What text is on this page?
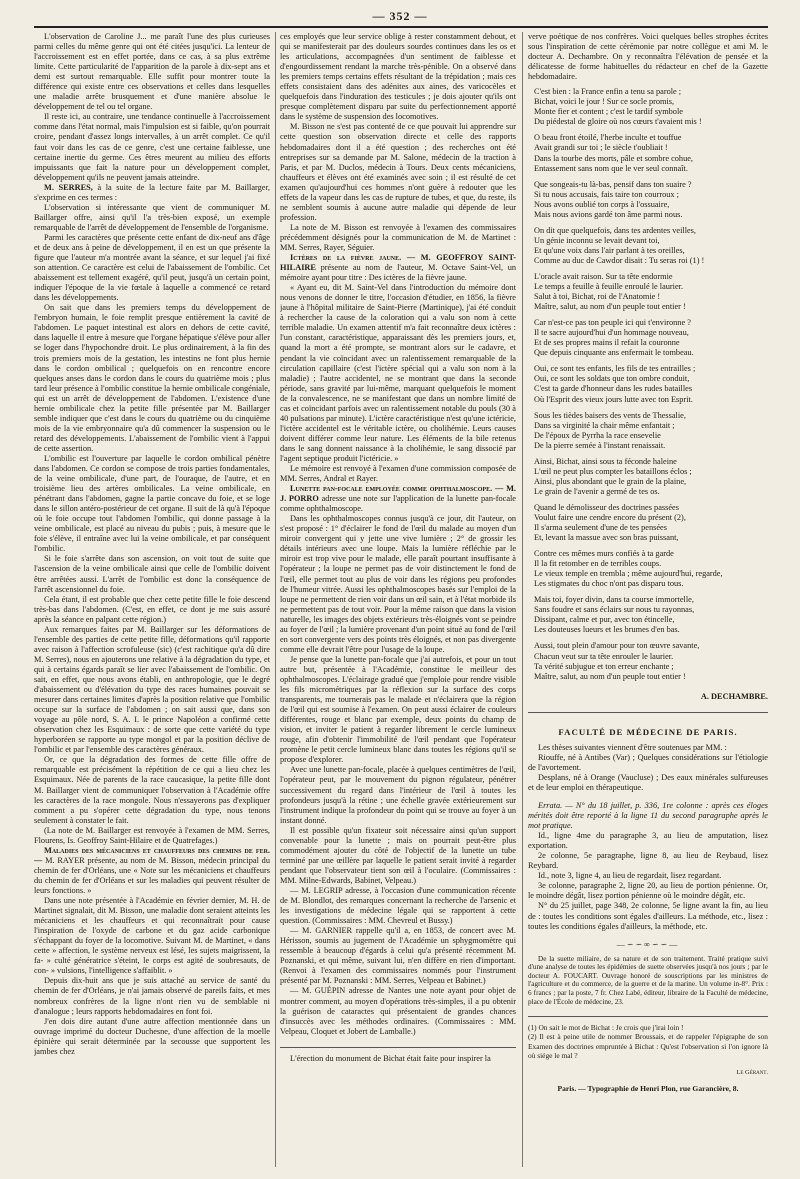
— 352 —

L'observation de Caroline J... me paraît l'une des plus curieuses parmi celles du même genre qui ont été citées jusqu'ici. La lenteur de l'accroissement est en effet portée, dans ce cas, à sa plus extrême limite. Cette particularité de l'apparition de la parole à dix-sept ans et demi est surtout remarquable. Elle suffit pour montrer toute la différence qui existe entre ces observations et celles dans lesquelles une maladie arrête brusquement et d'une manière absolue le développement de tel ou tel organe.

Il reste ici, au contraire, une tendance continuelle à l'accroissement comme dans l'état normal, mais l'impulsion est si faible, qu'on pourrait croire, pendant d'assez longs intervalles, à un arrêt complet. Ce qu'il faut voir dans les cas de ce genre, c'est une certaine faiblesse, une certaine inertie du germe. Ces êtres meurent au milieu des efforts impuissants que fait la nature pour un développement complet, développement qu'ils ne peuvent jamais atteindre.

M. SERRES, à la suite de la lecture faite par M. Baillarger, s'exprime en ces termes :

L'observation si intéressante que vient de communiquer M. Baillarger offre, ainsi qu'il l'a très-bien exposé, un exemple remarquable de l'arrêt de développement de l'ensemble de l'organisme.

Parmi les caractères que présente cette enfant de dix-neuf ans d'âge et de deux ans à peine de développement, il en est un que présente la figure que l'auteur m'a montrée avant la séance, et sur lequel j'ai fixé son attention. Ce caractère est celui de l'abaissement de l'ombilic. Cet abaissement est tellement exagéré, qu'il peut, jusqu'à un certain point, indiquer l'époque de la vie fœtale à laquelle a commencé ce retard dans les développements.

On sait que dans les premiers temps du développement de l'embryon humain, le foie remplit presque entièrement la cavité de l'abdomen. Le paquet intestinal est alors en dehors de cette cavité, dans laquelle il entre à mesure que l'organe hépatique s'élève pour aller se loger dans l'hypochondre droit. Le plus ordinairement, à la fin des trois premiers mois de la gestation, les intestins ne font plus hernie dans le cordon ombilical ; quelquefois on en rencontre encore quelques anses dans le cordon dans le cours du quatrième mois ; plus tard leur présence à l'ombilic constitue la hernie ombilicale congéniale, qui est un arrêt de développement de l'abdomen. L'existence d'une hernie ombilicale chez la petite fille présentée par M. Baillarger semble indiquer que c'est dans le cours du quatrième ou du cinquième mois de la vie embryonnaire qu'a dû commencer la suspension ou le retard des développements. L'abaissement de l'ombilic vient à l'appui de cette assertion.

L'ombilic est l'ouverture par laquelle le cordon ombilical pénètre dans l'abdomen. Ce cordon se compose de trois parties fondamentales, de la veine ombilicale, d'une part, de l'ouraque, de l'autre, et en troisième lieu des artères ombilicales. La veine ombilicale, en pénétrant dans l'abdomen, gagne la partie concave du foie, et se loge dans le sillon antéro-postérieur de cet organe. Il suit de là qu'à l'époque où le foie occupe tout l'abdomen l'ombilic, qui donne passage à la veine ombilicale, est placé au niveau du pubis ; puis, à mesure que le foie s'élève, il entraîne avec lui la veine ombilicale, et par conséquent l'ombilic.

Si le foie s'arrête dans son ascension, on voit tout de suite que l'ascension de la veine ombilicale ainsi que celle de l'ombilic doivent être arrêtées aussi. L'arrêt de l'ombilic est donc la conséquence de l'arrêt ascensionnel du foie.

Cela étant, il est probable que chez cette petite fille le foie descend très-bas dans l'abdomen. (C'est, en effet, ce dont je me suis assuré après la séance en palpant cette région.)

Aux remarques faites par M. Baillarger sur les déformations de l'ensemble des parties de cette petite fille, déformations qu'il rapporte avec raison à l'affection scrofuleuse (sic) (c'est rachitique qu'a dû dire M. Serres), nous en ajouterons une relative à la dégradation du type, et qui à certains égards paraît se lier avec l'abaissement de l'ombilic. On sait, en effet, que nous avons établi, en anthropologie, que le degré d'abaissement ou d'élévation du type des races humaines pouvait se mesurer dans certaines limites d'après la position relative que l'ombilic occupe sur la surface de l'abdomen ; on sait aussi que, dans son voyage au pôle nord, S. A. I. le prince Napoléon a confirmé cette observation chez les Esquimaux : de sorte que cette variété du type hyperboréen se rapporte au type mongol et par la position déclive de l'ombilic et par l'ensemble des caractères généraux.

Or, ce que la dégradation des formes de cette fille offre de remarquable est précisément la répétition de ce qui a lieu chez les Esquimaux. Née de parents de la race caucasique, la petite fille dont M. Baillarger vient de communiquer l'observation à l'Académie offre les caractères de la race mongole. Nous n'essayerons pas d'expliquer comment a pu s'opérer cette dégradation du type, nous tenons seulement à constater le fait.

(La note de M. Baillarger est renvoyée à l'examen de MM. Serres, Flourens, Is. Geoffroy Saint-Hilaire et de Quatrefages.)

Maladies des mécaniciens et chauffeurs des chemins de fer. — M. RAYER présente, au nom de M. Bisson, médecin principal du chemin de fer d'Orléans, une « Note sur les mécaniciens et chauffeurs du chemin de fer d'Orléans et sur les maladies qui peuvent résulter de leurs fonctions. »

Dans une note présentée à l'Académie en février dernier, M. H. de Martinet signalait, dit M. Bisson, une maladie dont seraient atteints les mécaniciens et les chauffeurs et qui reconnaîtrait pour cause l'inspiration de l'oxyde de carbone et du gaz acide carbonique s'échappant du foyer de la locomotive. Suivant M. de Martinet, « dans cette » affection, le système nerveux est lésé, les sujets maigrissent, la fa- » culté génératrice s'éteint, le corps est agité de soubresauts, de con- » vulsions, l'intelligence s'affaiblit. »

Depuis dix-huit ans que je suis attaché au service de santé du chemin de fer d'Orléans, je n'ai jamais observé de pareils faits, et mes nombreux confrères de la ligne n'ont rien vu de semblable ni d'analogue ; leurs rapports hebdomadaires en font foi.

J'en dois dire autant d'une autre affection mentionnée dans un ouvrage imprimé du docteur Duchesne, d'une affection de la moelle épinière qui serait déterminée par la secousse que supportent les jambes chez

ces employés que leur service oblige à rester constamment debout, et qui se manifesterait par des douleurs sourdes continues dans les os et les articulations, accompagnées d'un sentiment de faiblesse et d'engourdissement rendant la marche très-pénible. On a observé dans les premiers temps certains effets résultant de la trépidation ; mais ces effets consistaient dans des adénites aux aines, des varicocèles et quelquefois dans l'induration des testicules ; je dois ajouter qu'ils ont presque complètement disparu par suite du perfectionnement apporté dans le système de suspension des locomotives.

M. Bisson ne s'est pas contenté de ce que pouvait lui apprendre sur cette question son observation directe et celle des rapports hebdomadaires dont il a été question ; des recherches ont été entreprises sur sa demande par M. Salone, médecin de la traction à Paris, et par M. Duclos, médecin à Tours. Deux cents mécaniciens, chauffeurs et élèves ont été examinés avec soin ; il est résulté de cet examen qu'aujourd'hui ces hommes n'ont guère à redouter que les effets de la vapeur dans les cas de rupture de tubes, et que, du reste, ils ne semblent soumis à aucune autre maladie qui dépende de leur profession.

La note de M. Bisson est renvoyée à l'examen des commissaires précédemment désignés pour la communication de M. de Martinet : MM. Serres, Rayer, Séguier.

Ictères de la fièvre jaune. — M. GEOFFROY SAINT-HILAIRE présente au nom de l'auteur, M. Octave Saint-Vel, un mémoire ayant pour titre : Des ictères de la fièvre jaune.

« Ayant eu, dit M. Saint-Vel dans l'introduction du mémoire dont nous venons de donner le titre, l'occasion d'étudier, en 1856, la fièvre jaune à l'hôpital militaire de Saint-Pierre (Martinique), j'ai été conduit à rechercher la cause de la coloration qui a valu son nom à cette terrible maladie. Un examen attentif m'a fait reconnaître deux ictères : l'un constant, caractéristique, apparaissant dès les premiers jours, et, quand la mort a été prompte, se montrant alors sur le cadavre, et pendant la vie coïncidant avec un ralentissement remarquable de la circulation capillaire (c'est l'ictère spécial qui a valu son nom à la maladie) ; l'autre accidentel, ne se montrant que dans la seconde période, sans gravité par lui-même, marquant quelquefois le moment de la convalescence, ne se manifestant que dans un nombre limité de cas et coïncidant parfois avec un ralentissement notable du pouls (30 à 40 pulsations par minute). L'ictère caractéristique n'est qu'une ictéricie, l'ictère accidentel est le véritable ictère, ou cholihémie. Leurs causes doivent différer comme leur nature. Les éléments de la bile retenus dans le sang donnent naissance à la cholihémie, le sang dissocié par l'agent septique produit l'ictéricie. »

Le mémoire est renvoyé à l'examen d'une commission composée de MM. Serres, Andral et Rayer.

Lunette pan-focale employée comme ophthalmoscope. — M. J. PORRO adresse une note sur l'application de la lunette pan-focale comme ophthalmoscope.

Dans les ophthalmoscopes connus jusqu'à ce jour, dit l'auteur, on s'est proposé : 1° d'éclairer le fond de l'œil du malade au moyen d'un miroir convergent qui y jette une vive lumière ; 2° de grossir les détails intérieurs avec une loupe. Mais la lumière réfléchie par le miroir est trop vive pour le malade, elle paraît pourtant insuffisante à l'opérateur ; la loupe ne permet pas de voir distinctement le fond de l'œil, elle permet tout au plus de voir dans les régions peu profondes de l'humeur vitrée. Aussi les ophthalmoscopes basés sur l'emploi de la loupe ne permettent de rien voir dans un œil sain, et à l'état morbide ils ne permettent pas de tout voir. Pour la même raison que dans la vision naturelle, les images des objets extérieurs très-éloignés vont se peindre au foyer de l'œil ; la lumière provenant d'un point situé au fond de l'œil en sort convergente vers des points très éloignés, et non pas divergente comme elle devrait l'être pour l'usage de la loupe.

Je pense que la lunette pan-focale que j'ai autrefois, et pour un tout autre but, présentée à l'Académie, constitue le meilleur des ophthalmoscopes. L'éclairage gradué que j'emploie pour rendre visible les fils micrométriques par la réflexion sur la surface des corps transparents, me tournerais pas le malade et n'éclairera que la région de l'œil qui est soumise à l'examen. On peut aussi éclairer de couleurs différentes, rouge et blanc par exemple, deux points du champ de vision, et inviter le patient à regarder librement le cercle lumineux rouge, afin d'obtenir l'immobilité de l'œil pendant que l'opérateur promène le petit cercle lumineux blanc dans toutes les régions qu'il se propose d'explorer.

Avec une lunette pan-focale, placée à quelques centimètres de l'œil, l'opérateur peut, par le mouvement du pignon régulateur, pénétrer successivement du regard dans l'intérieur de l'œil à toutes les profondeurs jusqu'à la rétine ; une échelle gravée extérieurement sur l'instrument indique la profondeur du point qui se trouve au foyer à un instant donné.

Il est possible qu'un fixateur soit nécessaire ainsi qu'un support convenable pour la lunette ; mais on pourrait peut-être plus commodément ajouter du côté de l'objectif de la lunette un tube terminé par une œillère par laquelle le patient serait invité à regarder pendant que l'observateur tient son œil à l'oculaire. (Commissaires : MM. Milne-Edwards, Babinet, Velpeau.)

— M. LEGRIP adresse, à l'occasion d'une communication récente de M. Blondlot, des remarques concernant la recherche de l'arsenic et les investigations de médecine légale qui se rapportent à cette question. (Commissaires : MM. Chevreul et Bussy.)

— M. GARNIER rappelle qu'il a, en 1853, de concert avec M. Hérisson, soumis au jugement de l'Académie un sphygmomètre qui ressemble à beaucoup d'égards à celui qu'a présenté récemment M. Poznanski, et qui même, suivant lui, n'en diffère en rien d'important. (Renvoi à l'examen des commissaires nommés pour l'instrument présenté par M. Poznanski : MM. Serres, Velpeau et Babinet.)

— M. GUÉPIN adresse de Nantes une note ayant pour objet de montrer comment, au moyen d'opérations très-simples, il a pu obtenir la guérison de cataractes qui présentaient de grandes chances d'insuccès avec les méthodes ordinaires. (Commissaires : MM. Velpeau, Cloquet et Jobert de Lamballe.)

L'érection du monument de Bichat était faite pour inspirer la

verve poétique de nos confrères. Voici quelques belles strophes écrites sous l'inspiration de cette cérémonie par notre collègue et ami M. le docteur A. Dechambre. On y reconnaîtra l'élévation de pensée et la délicatesse de forme habituelles du rédacteur en chef de la Gazette hebdomadaire.

C'est bien : la France enfin a tenu sa parole ;

Bichat, voici le jour ! Sur ce socle promis,

Monte fier et content ; c'est le tardif symbole

Du piédestal de gloire où nos cœurs t'avaient mis !

O beau front étoilé, l'herbe inculte et touffue

Avait grandi sur toi ; le siècle t'oubliait !

Dans la tourbe des morts, pâle et sombre cohue,

Entassement sans nom que le ver seul connaît.

Que songeais-tu là-bas, pensif dans ton suaire ?

Si tu nous accusais, fais taire ton courroux ;

Nous avons oublié ton corps à l'ossuaire,

Mais nous avions gardé ton âme parmi nous.

On dit que quelquefois, dans tes ardentes veilles,

Un génie inconnu se levait devant toi,

Et qu'une voix dans l'air parlant à tes oreilles,

Comme au duc de Cawdor disait : Tu seras roi (1) !

L'oracle avait raison. Sur ta tête endormie

Le temps a feuille à feuille enroulé le laurier.

Salut à toi, Bichat, roi de l'Anatomie !

Maître, salut, au nom d'un peuple tout entier !

Car n'est-ce pas ton peuple ici qui t'environne ?

Il te sacre aujourd'hui d'un hommage nouveau,

Et de ses propres mains il refait la couronne

Que depuis cinquante ans enfermait le tombeau.

Oui, ce sont tes enfants, les fils de tes entrailles ;

Oui, ce sont les soldats que ton ombre conduit,

C'est ta garde d'honneur dans les rudes batailles

Où l'Esprit des vieux jours lutte avec ton Esprit.

Sous les tièdes baisers des vents de Thessalie,

Dans sa virginité la chair même enfantait ;

De l'époux de Pyrrha la race ensevelie

De la pierre semée à l'instant renaissait.

Ainsi, Bichat, ainsi sous ta féconde haleine

L'œil ne peut plus compter les bataillons éclos ;

Ainsi, plus abondant que le grain de la plaine,

Le grain de l'avenir a germé de tes os.

Quand le démolisseur des doctrines passées

Voulut faire une cendre encore du présent (2),

Il s'arma seulement d'une de tes pensées

Et, levant la massue avec son bras puissant,

Contre ces mêmes murs confiés à ta garde

Il la fit retomber en de terribles coups.

Le vieux temple en trembla ; même aujourd'hui, regarde,

Les stigmates du choc n'ont pas disparu tous.

Mais toi, foyer divin, dans ta course immortelle,

Sans foudre et sans éclairs sur nous tu rayonnas,

Dissipant, calme et pur, avec ton étincelle,

Les douteuses lueurs et les brumes d'en bas.

Aussi, tout plein d'amour pour ton œuvre savante,

Chacun veut sur ta tête enrouler le laurier.

Ta vérité subjugue et ton erreur enchante ;

Maître, salut, au nom d'un peuple tout entier !

A. DECHAMBRE.
FACULTÉ DE MÉDECINE DE PARIS.

Les thèses suivantes viennent d'être soutenues par MM. :

Riouffe, né à Antibes (Var) ; Quelques considérations sur l'étiologie de l'avortement.

Desplans, né à Orange (Vaucluse) ; Des eaux minérales sulfureuses et de leur emploi en thérapeutique.

Errata. — N° du 18 juillet, p. 336, 1re colonne : après ces éloges mérités doit être reporté à la ligne 11 du second paragraphe après le mot pratique.

Id., ligne 4me du paragraphe 3, au lieu de amputation, lisez exportation.

2e colonne, 5e paragraphe, ligne 8, au lieu de Reybaud, lisez Reybard.

Id., note 3, ligne 4, au lieu de regardait, lisez regardant.

3e colonne, paragraphe 2, ligne 20, au lieu de portion pénienne. Or, le moindre dégât, lisez portion pénienne où le moindre dégât, etc.

N° du 25 juillet, page 348, 2e colonne, 5e ligne avant la fin, au lieu de : toutes les conditions sont égales d'ailleurs. La méthode, etc., lisez : toutes les conditions égales d'ailleurs, la méthode, etc.

—∽∽∞∽∽—

De la suette miliaire, de sa nature et de son traitement. Traité pratique suivi d'une analyse de toutes les épidémies de suette observées jusqu'à nos jours ; par le docteur A. FOUCART. Ouvrage honoré de souscriptions par les ministres de l'agriculture et du commerce, de la guerre et de la marine. Un volume in-8°. Prix : 6 francs ; par la poste, 7 fr. Chez Labé, éditeur, libraire de la Faculté de médecine, place de l'École de médecine, 23.

(1) On sait le mot de Bichat : Je crois que j'irai loin !

(2) Il est à peine utile de nommer Broussais, et de rappeler l'épigraphe de son Examen des doctrines empruntée à Bichat : Qu'est l'observation si l'on ignore là où siége le mal ?

Le Gérant.
Paris. — Typographie de Henri Plon, rue Garancière, 8.
